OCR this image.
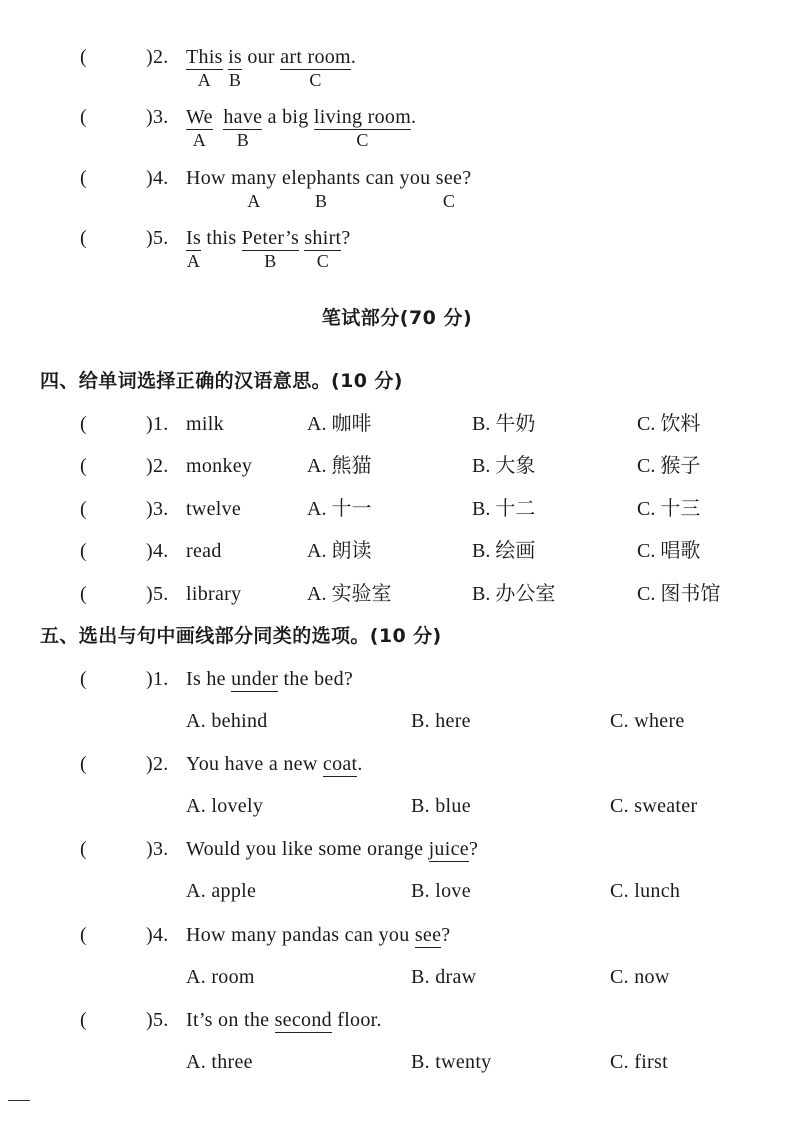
(	)2. This
A
$\frac{is}{B}$ our art room
C
.
(	)3. $\frac{We}{A}$ have
B
a big living room
C
.
(	)4. How many
A
elephants
B
can you see
C
?
(	)5. $\frac{Is}{A}$ this Peter’s
B
shirt
C
?
笔试部分(70 分)
四、给单词选择正确的汉语意思。(10 分)
(	)1. milk	A. 咖啡	B. 牛奶	C. 饮料
(	)2. monkey	A. 熊猫	B. 大象	C. 猴子
(	)3. twelve	A. 十一	B. 十二	C. 十三
(	)4. read	A. 朗读	B. 绘画	C. 唱歌
(	)5. library	A. 实验室	B. 办公室	C. 图书馆
五、选出与句中画线部分同类的选项。(10 分)
(	)1. Is he under the bed?
A. behind	B. here	C. where
(	)2. You have a new coat.
A. lovely	B. blue	C. sweater
(	)3. Would you like some orange juice?
A. apple	B. love	C. lunch
(	)4. How many pandas can you see?
A. room	B. draw	C. now
(	)5. It’s on the second floor.
A. three	B. twenty	C. first
